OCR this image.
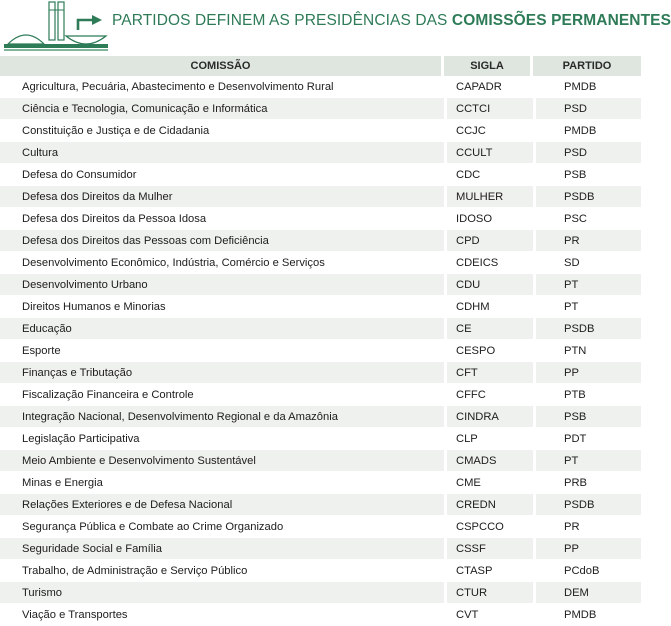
PARTIDOS DEFINEM AS PRESIDÊNCIAS DAS COMISSÕES PERMANENTES
COMISSÃO	SIGLA	PARTIDO
Agricultura, Pecuária, Abastecimento e Desenvolvimento Rural	CAPADR	PMDB
Ciência e Tecnologia, Comunicação e Informática	CCTCI	PSD
Constituição e Justiça e de Cidadania	CCJC	PMDB
Cultura	CCULT	PSD
Defesa do Consumidor	CDC	PSB
Defesa dos Direitos da Mulher	MULHER	PSDB
Defesa dos Direitos da Pessoa Idosa	IDOSO	PSC
Defesa dos Direitos das Pessoas com Deficiência	CPD	PR
Desenvolvimento Econômico, Indústria, Comércio e Serviços	CDEICS	SD
Desenvolvimento Urbano	CDU	PT
Direitos Humanos e Minorias	CDHM	PT
Educação	CE	PSDB
Esporte	CESPO	PTN
Finanças e Tributação	CFT	PP
Fiscalização Financeira e Controle	CFFC	PTB
Integração Nacional, Desenvolvimento Regional e da Amazônia	CINDRA	PSB
Legislação Participativa	CLP	PDT
Meio Ambiente e Desenvolvimento Sustentável	CMADS	PT
Minas e Energia	CME	PRB
Relações Exteriores e de Defesa Nacional	CREDN	PSDB
Segurança Pública e Combate ao Crime Organizado	CSPCCO	PR
Seguridade Social e Família	CSSF	PP
Trabalho, de Administração e Serviço Público	CTASP	PCdoB
Turismo	CTUR	DEM
Viação e Transportes	CVT	PMDB
